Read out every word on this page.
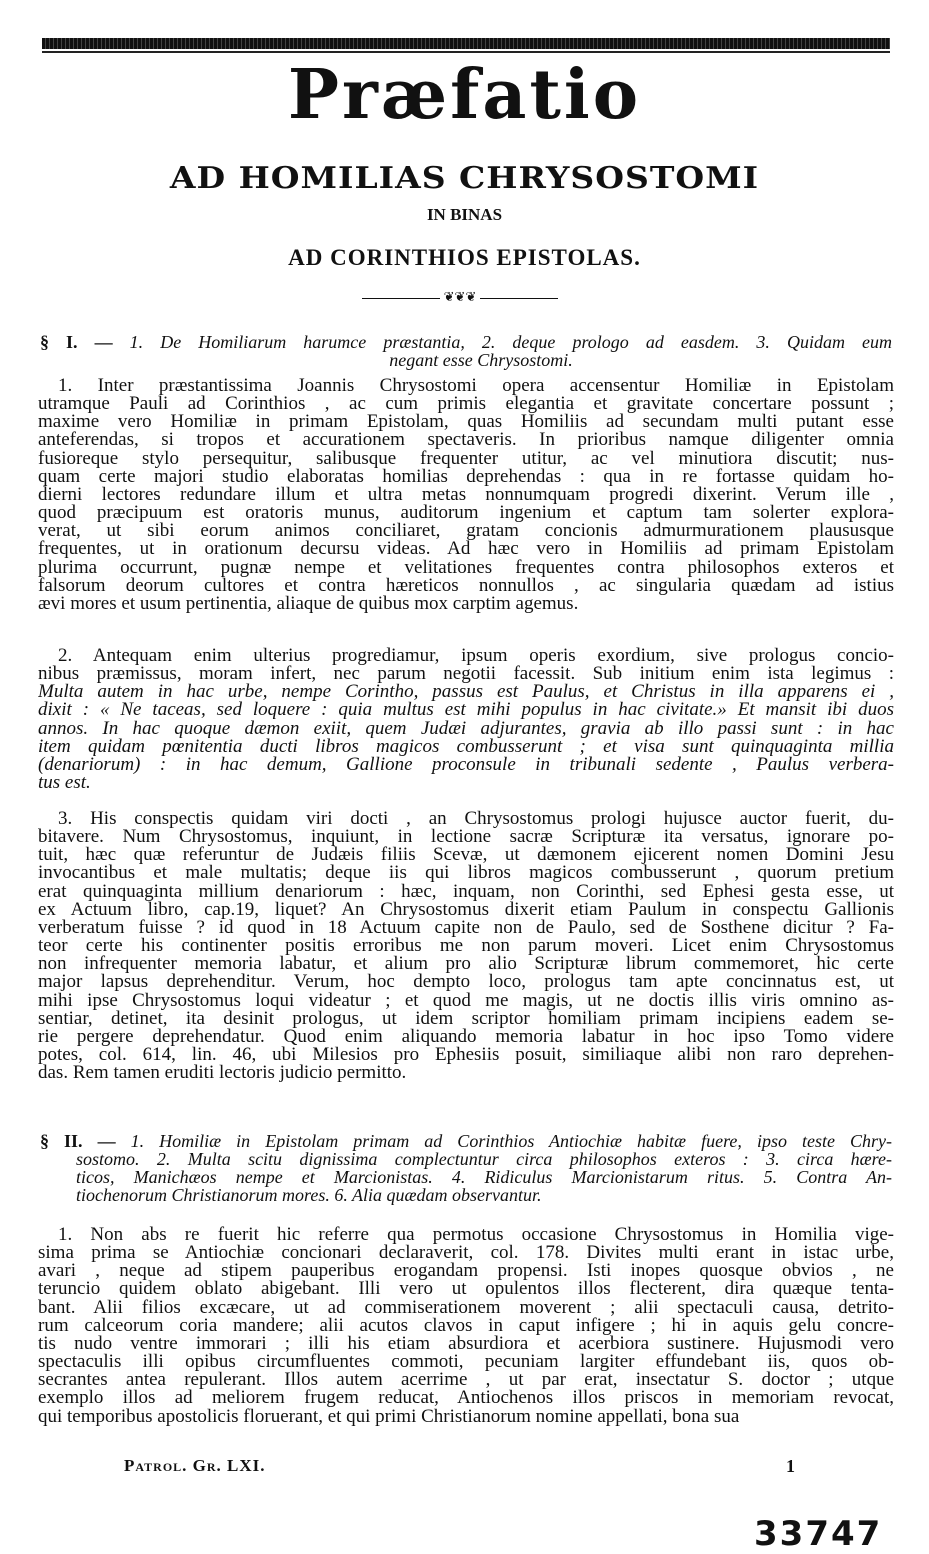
Præfatio
AD HOMILIAS CHRYSOSTOMI
IN BINAS
AD CORINTHIOS EPISTOLAS.
❦❦❦
§ I. — 1. De Homiliarum harumce præstantia, 2. deque prologo ad easdem. 3. Quidam eum
negant esse Chrysostomi.
1. Inter præstantissima Joannis Chrysostomi opera accensentur Homiliæ in Epistolam
utramque Pauli ad Corinthios , ac cum primis elegantia et gravitate concertare possunt ;
maxime vero Homiliæ in primam Epistolam, quas Homiliis ad secundam multi putant esse
anteferendas, si tropos et accurationem spectaveris. In prioribus namque diligenter omnia
fusioreque stylo persequitur, salibusque frequenter utitur, ac vel minutiora discutit; nus-
quam certe majori studio elaboratas homilias deprehendas : qua in re fortasse quidam ho-
dierni lectores redundare illum et ultra metas nonnumquam progredi dixerint. Verum ille ,
quod præcipuum est oratoris munus, auditorum ingenium et captum tam solerter explora-
verat, ut sibi eorum animos conciliaret, gratam concionis admurmurationem plaususque
frequentes, ut in orationum decursu videas. Ad hæc vero in Homiliis ad primam Epistolam
plurima occurrunt, pugnæ nempe et velitationes frequentes contra philosophos exteros et
falsorum deorum cultores et contra hæreticos nonnullos , ac singularia quædam ad istius
ævi mores et usum pertinentia, aliaque de quibus mox carptim agemus.
2. Antequam enim ulterius progrediamur, ipsum operis exordium, sive prologus concio-
nibus præmissus, moram infert, nec parum negotii facessit. Sub initium enim ista legimus :
Multa autem in hac urbe, nempe Corintho, passus est Paulus, et Christus in illa apparens ei ,
dixit : « Ne taceas, sed loquere : quia multus est mihi populus in hac civitate.» Et mansit ibi duos
annos. In hac quoque dæmon exiit, quem Judæi adjurantes, gravia ab illo passi sunt : in hac
item quidam pœnitentia ducti libros magicos combusserunt ; et visa sunt quinquaginta millia
(denariorum) : in hac demum, Gallione proconsule in tribunali sedente , Paulus verbera-
tus est.
3. His conspectis quidam viri docti , an Chrysostomus prologi hujusce auctor fuerit, du-
bitavere. Num Chrysostomus, inquiunt, in lectione sacræ Scripturæ ita versatus, ignorare po-
tuit, hæc quæ referuntur de Judæis filiis Scevæ, ut dæmonem ejicerent nomen Domini Jesu
invocantibus et male multatis; deque iis qui libros magicos combusserunt , quorum pretium
erat quinquaginta millium denariorum : hæc, inquam, non Corinthi, sed Ephesi gesta esse, ut
ex Actuum libro, cap.19, liquet? An Chrysostomus dixerit etiam Paulum in conspectu Gallionis
verberatum fuisse ? id quod in 18 Actuum capite non de Paulo, sed de Sosthene dicitur ? Fa-
teor certe his continenter positis erroribus me non parum moveri. Licet enim Chrysostomus
non infrequenter memoria labatur, et alium pro alio Scripturæ librum commemoret, hic certe
major lapsus deprehenditur. Verum, hoc dempto loco, prologus tam apte concinnatus est, ut
mihi ipse Chrysostomus loqui videatur ; et quod me magis, ut ne doctis illis viris omnino as-
sentiar, detinet, ita desinit prologus, ut idem scriptor homiliam primam incipiens eadem se-
rie pergere deprehendatur. Quod enim aliquando memoria labatur in hoc ipso Tomo videre
potes, col. 614, lin. 46, ubi Milesios pro Ephesiis posuit, similiaque alibi non raro deprehen-
das. Rem tamen eruditi lectoris judicio permitto.
§ II. — 1. Homiliæ in Epistolam primam ad Corinthios Antiochiæ habitæ fuere, ipso teste Chry-
sostomo. 2. Multa scitu dignissima complectuntur circa philosophos exteros : 3. circa hære-
ticos, Manichæos nempe et Marcionistas. 4. Ridiculus Marcionistarum ritus. 5. Contra An-
tiochenorum Christianorum mores. 6. Alia quædam observantur.
1. Non abs re fuerit hic referre qua permotus occasione Chrysostomus in Homilia vige-
sima prima se Antiochiæ concionari declaraverit, col. 178. Divites multi erant in istac urbe,
avari , neque ad stipem pauperibus erogandam propensi. Isti inopes quosque obvios , ne
teruncio quidem oblato abigebant. Illi vero ut opulentos illos flecterent, dira quæque tenta-
bant. Alii filios excæcare, ut ad commiserationem moverent ; alii spectaculi causa, detrito-
rum calceorum coria mandere; alii acutos clavos in caput infigere ; hi in aquis gelu concre-
tis nudo ventre immorari ; illi his etiam absurdiora et acerbiora sustinere. Hujusmodi vero
spectaculis illi opibus circumfluentes commoti, pecuniam largiter effundebant iis, quos ob-
secrantes antea repulerant. Illos autem acerrime , ut par erat, insectatur S. doctor ; utque
exemplo illos ad meliorem frugem reducat, Antiochenos illos priscos in memoriam revocat,
qui temporibus apostolicis floruerant, et qui primi Christianorum nomine appellati, bona sua
Patrol. Gr. LXI.	1
33747
